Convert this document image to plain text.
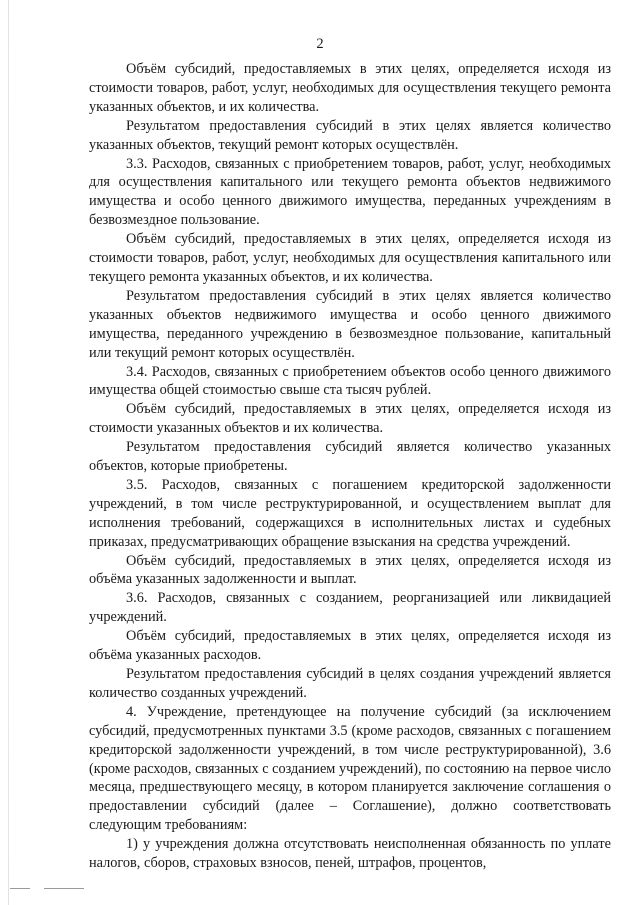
2

Объём субсидий, предоставляемых в этих целях, определяется исходя из стоимости товаров, работ, услуг, необходимых для осуществления текущего ремонта указанных объектов, и их количества.

Результатом предоставления субсидий в этих целях является количество указанных объектов, текущий ремонт которых осуществлён.

3.3. Расходов, связанных с приобретением товаров, работ, услуг, необходимых для осуществления капитального или текущего ремонта объектов недвижимого имущества и особо ценного движимого имущества, переданных учреждениям в безвозмездное пользование.

Объём субсидий, предоставляемых в этих целях, определяется исходя из стоимости товаров, работ, услуг, необходимых для осуществления капитального или текущего ремонта указанных объектов, и их количества.

Результатом предоставления субсидий в этих целях является количество указанных объектов недвижимого имущества и особо ценного движимого имущества, переданного учреждению в безвозмездное пользование, капитальный или текущий ремонт которых осуществлён.

3.4. Расходов, связанных с приобретением объектов особо ценного движимого имущества общей стоимостью свыше ста тысяч рублей.

Объём субсидий, предоставляемых в этих целях, определяется исходя из стоимости указанных объектов и их количества.

Результатом предоставления субсидий является количество указанных объектов, которые приобретены.

3.5. Расходов, связанных с погашением кредиторской задолженности учреждений, в том числе реструктурированной, и осуществлением выплат для исполнения требований, содержащихся в исполнительных листах и судебных приказах, предусматривающих обращение взыскания на средства учреждений.

Объём субсидий, предоставляемых в этих целях, определяется исходя из объёма указанных задолженности и выплат.

3.6. Расходов, связанных с созданием, реорганизацией или ликвидацией учреждений.

Объём субсидий, предоставляемых в этих целях, определяется исходя из объёма указанных расходов.

Результатом предоставления субсидий в целях создания учреждений является количество созданных учреждений.

4. Учреждение, претендующее на получение субсидий (за исключением субсидий, предусмотренных пунктами 3.5 (кроме расходов, связанных с погашением кредиторской задолженности учреждений, в том числе реструктурированной), 3.6 (кроме расходов, связанных с созданием учреждений), по состоянию на первое число месяца, предшествующего месяцу, в котором планируется заключение соглашения о предоставлении субсидий (далее – Соглашение), должно соответствовать следующим требованиям:

1) у учреждения должна отсутствовать неисполненная обязанность по уплате налогов, сборов, страховых взносов, пеней, штрафов, процентов,
